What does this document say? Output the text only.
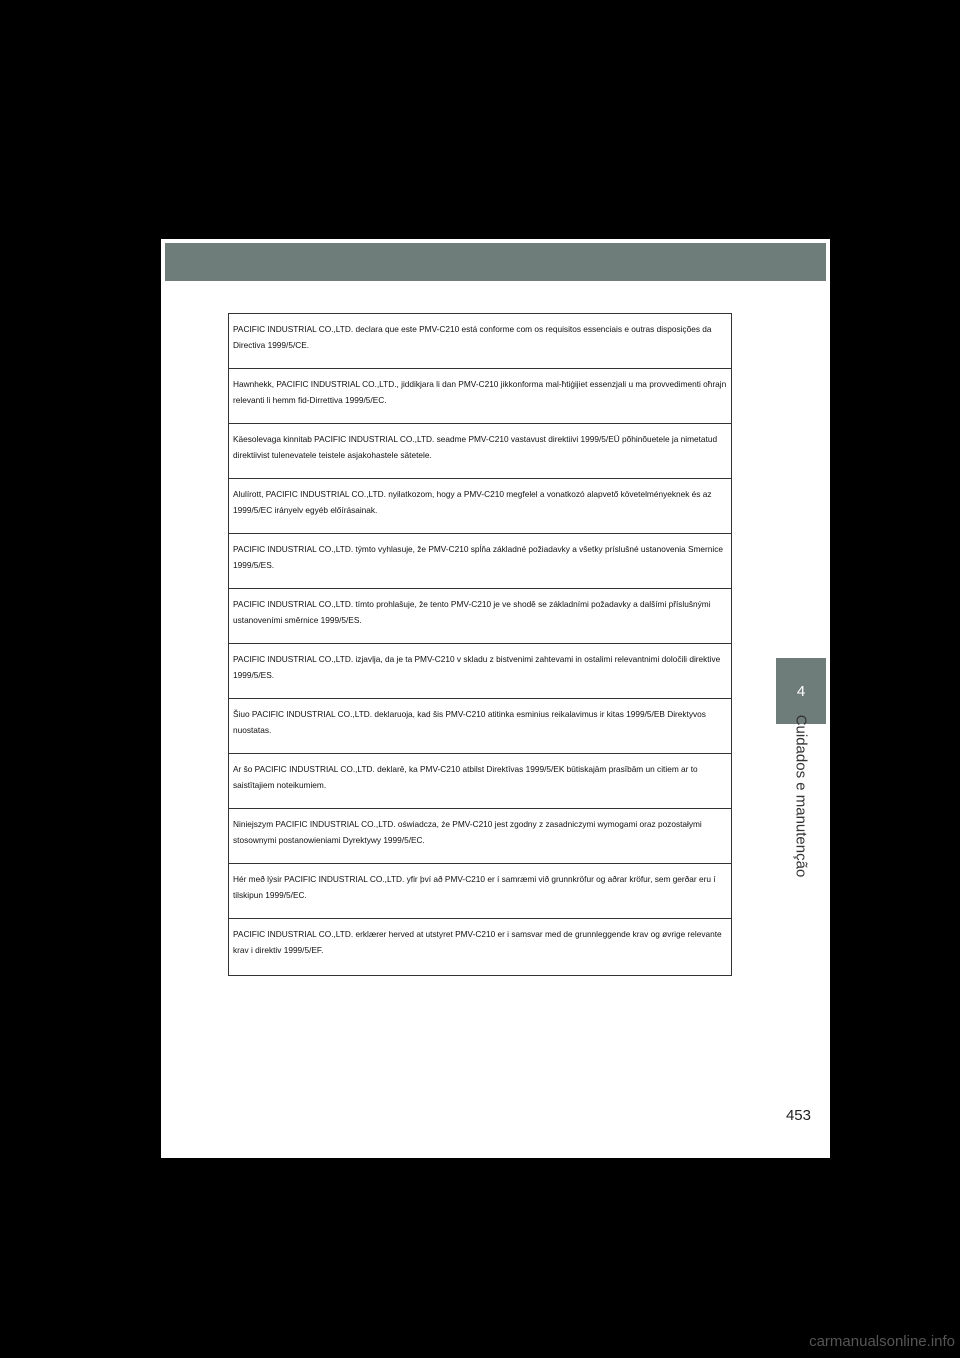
PACIFIC INDUSTRIAL CO.,LTD. declara que este PMV-C210 está conforme com os requisitos essenciais e outras disposições da Directiva 1999/5/CE.
Hawnhekk, PACIFIC INDUSTRIAL CO.,LTD., jiddikjara li dan PMV-C210 jikkonforma mal-ħtiġijiet essenzjali u ma provvedimenti oħrajn relevanti li hemm fid-Dirrettiva 1999/5/EC.
Käesolevaga kinnitab PACIFIC INDUSTRIAL CO.,LTD. seadme PMV-C210 vastavust direktiivi 1999/5/EÜ põhinõuetele ja nimetatud direktiivist tulenevatele teistele asjakohastele sätetele.
Alulírott, PACIFIC INDUSTRIAL CO.,LTD. nyilatkozom, hogy a PMV-C210 megfelel a vonatkozó alapvető követelményeknek és az 1999/5/EC irányelv egyéb előírásainak.
PACIFIC INDUSTRIAL CO.,LTD. týmto vyhlasuje, že PMV-C210 spĺňa základné požiadavky a všetky príslušné ustanovenia Smernice 1999/5/ES.
PACIFIC INDUSTRIAL CO.,LTD. tímto prohlašuje, že tento PMV-C210 je ve shodě se základními požadavky a dalšími příslušnými ustanoveními směrnice 1999/5/ES.
PACIFIC INDUSTRIAL CO.,LTD. izjavlja, da je ta PMV-C210 v skladu z bistvenimi zahtevami in ostalimi relevantnimi določili direktive 1999/5/ES.
Šiuo PACIFIC INDUSTRIAL CO.,LTD. deklaruoja, kad šis PMV-C210 atitinka esminius reikalavimus ir kitas 1999/5/EB Direktyvos nuostatas.
Ar šo PACIFIC INDUSTRIAL CO.,LTD. deklarē, ka PMV-C210 atbilst Direktīvas 1999/5/EK būtiskajām prasībām un citiem ar to saistītajiem noteikumiem.
Niniejszym PACIFIC INDUSTRIAL CO.,LTD. oświadcza, że PMV-C210 jest zgodny z zasadniczymi wymogami oraz pozostałymi stosownymi postanowieniami Dyrektywy 1999/5/EC.
Hér með lýsir PACIFIC INDUSTRIAL CO.,LTD. yfir því að PMV-C210 er í samræmi við grunnkröfur og aðrar kröfur, sem gerðar eru í tilskipun 1999/5/EC.
PACIFIC INDUSTRIAL CO.,LTD. erklærer herved at utstyret PMV-C210 er i samsvar med de grunnleggende krav og øvrige relevante krav i direktiv 1999/5/EF.
4
Cuidados e manutenção
453
carmanualsonline.info
